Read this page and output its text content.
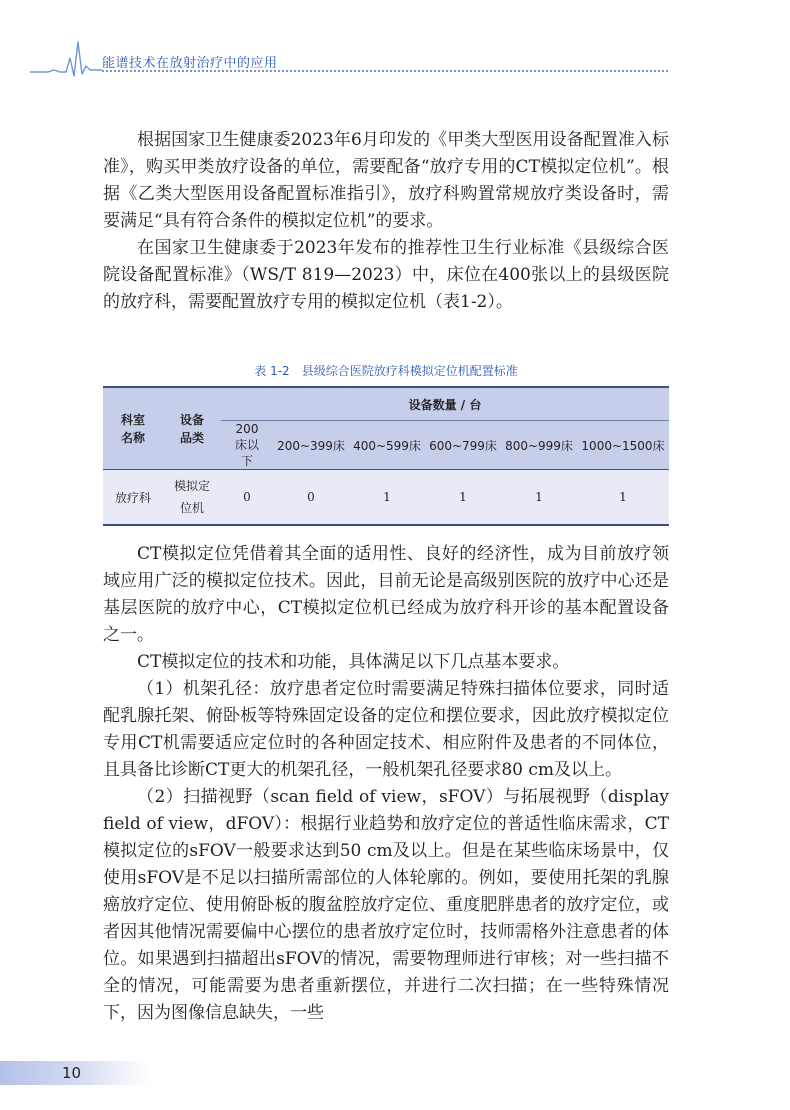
能谱技术在放射治疗中的应用

根据国家卫生健康委2023年6月印发的《甲类大型医用设备配置准入标准》，购买甲类放疗设备的单位，需要配备“放疗专用的CT模拟定位机”。根据《乙类大型医用设备配置标准指引》，放疗科购置常规放疗类设备时，需要满足“具有符合条件的模拟定位机”的要求。

在国家卫生健康委于2023年发布的推荐性卫生行业标准《县级综合医院设备配置标准》（WS/T 819—2023）中，床位在400张以上的县级医院的放疗科，需要配置放疗专用的模拟定位机（表1-2）。

表 1-2　县级综合医院放疗科模拟定位机配置标准
科室名称	设备品类	设备数量 / 台					
		200床以下	200~399床	400~599床	600~799床	800~999床	1000~1500床
放疗科	模拟定位机	0	0	1	1	1	1

CT模拟定位凭借着其全面的适用性、良好的经济性，成为目前放疗领域应用广泛的模拟定位技术。因此，目前无论是高级别医院的放疗中心还是基层医院的放疗中心，CT模拟定位机已经成为放疗科开诊的基本配置设备之一。

CT模拟定位的技术和功能，具体满足以下几点基本要求。

（1）机架孔径：放疗患者定位时需要满足特殊扫描体位要求，同时适配乳腺托架、俯卧板等特殊固定设备的定位和摆位要求，因此放疗模拟定位专用CT机需要适应定位时的各种固定技术、相应附件及患者的不同体位，且具备比诊断CT更大的机架孔径，一般机架孔径要求80 cm及以上。

（2）扫描视野（scan field of view，sFOV）与拓展视野（display field of view，dFOV）：根据行业趋势和放疗定位的普适性临床需求，CT模拟定位的sFOV一般要求达到50 cm及以上。但是在某些临床场景中，仅使用sFOV是不足以扫描所需部位的人体轮廓的。例如，要使用托架的乳腺癌放疗定位、使用俯卧板的腹盆腔放疗定位、重度肥胖患者的放疗定位，或者因其他情况需要偏中心摆位的患者放疗定位时，技师需格外注意患者的体位。如果遇到扫描超出sFOV的情况，需要物理师进行审核；对一些扫描不全的情况，可能需要为患者重新摆位，并进行二次扫描；在一些特殊情况下，因为图像信息缺失，一些

10
